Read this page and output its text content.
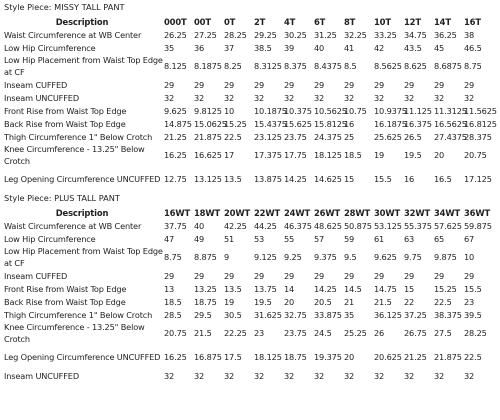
Style Piece: MISSY TALL PANT
Description	000T	00T	0T	2T	4T	6T	8T	10T	12T	14T	16T
Waist Circumference at WB Center	26.25	27.25	28.25	29.25	30.25	31.25	32.25	33.25	34.75	36.25	38
Low Hip Circumference	35	36	37	38.5	39	40	41	42	43.5	45	46.5
Low Hip Placement from Waist Top Edge at CF	8.125	8.1875	8.25	8.3125	8.375	8.4375	8.5	8.5625	8.625	8.6875	8.75
Inseam CUFFED	29	29	29	29	29	29	29	29	29	29	29
Inseam UNCUFFED	32	32	32	32	32	32	32	32	32	32	32
Front Rise from Waist Top Edge	9.625	9.8125	10	10.1875	10.375	10.5625	10.75	10.9375	11.125	11.3125	11.5625
Back Rise from Waist Top Edge	14.875	15.0625	15.25	15.4375	15.625	15.8125	16	16.1875	16.375	16.5625	16.8125
Thigh Circumference 1" Below Crotch	21.25	21.875	22.5	23.125	23.75	24.375	25	25.625	26.5	27.4375	28.375
Knee Circumference - 13.25" Below Crotch	16.25	16.625	17	17.375	17.75	18.125	18.5	19	19.5	20	20.75
Leg Opening Circumference UNCUFFED	12.75	13.125	13.5	13.875	14.25	14.625	15	15.5	16	16.5	17.125
Style Piece: PLUS TALL PANT
Description	16WT	18WT	20WT	22WT	24WT	26WT	28WT	30WT	32WT	34WT	36WT
Waist Circumference at WB Center	37.75	40	42.25	44.25	46.375	48.625	50.875	53.125	55.375	57.625	59.875
Low Hip Circumference	47	49	51	53	55	57	59	61	63	65	67
Low Hip Placement from Waist Top Edge at CF	8.75	8.875	9	9.125	9.25	9.375	9.5	9.625	9.75	9.875	10
Inseam CUFFED	29	29	29	29	29	29	29	29	29	29	29
Front Rise from Waist Top Edge	13	13.25	13.5	13.75	14	14.25	14.5	14.75	15	15.25	15.5
Back Rise from Waist Top Edge	18.5	18.75	19	19.5	20	20.5	21	21.5	22	22.5	23
Thigh Circumference 1" Below Crotch	28.5	29.5	30.5	31.625	32.75	33.875	35	36.125	37.25	38.375	39.5
Knee Circumference - 13.25" Below Crotch	20.75	21.5	22.25	23	23.75	24.5	25.25	26	26.75	27.5	28.25
Leg Opening Circumference UNCUFFED	16.25	16.875	17.5	18.125	18.75	19.375	20	20.625	21.25	21.875	22.5
Inseam UNCUFFED	32	32	32	32	32	32	32	32	32	32	32
